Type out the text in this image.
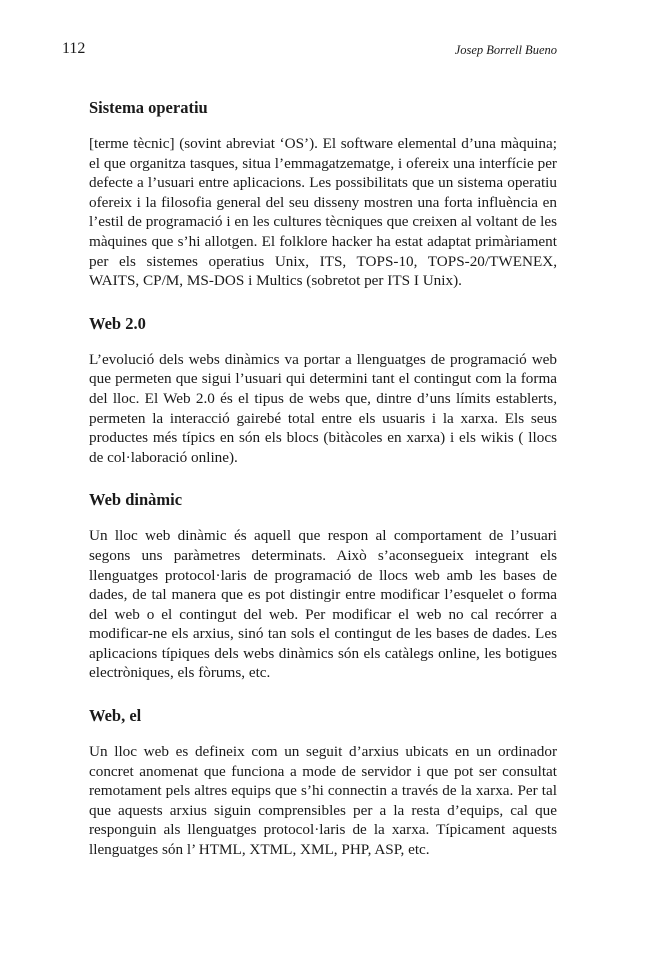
112	Josep Borrell Bueno
Sistema operatiu

[terme tècnic] (sovint abreviat ‘OS’). El software elemental d’una màquina; el que organitza tasques, situa l’emmagatzematge, i ofereix una interfície per defecte a l’usuari entre aplicacions. Les possibilitats que un sistema operatiu ofereix i la filosofia general del seu disseny mostren una forta influència en l’estil de programació i en les cultures tècniques que creixen al voltant de les màquines que s’hi allotgen. El folklore hacker ha estat adaptat primàriament per els sistemes operatius Unix, ITS, TOPS-10, TOPS-20/TWENEX, WAITS, CP/M, MS-DOS i Multics (sobretot per ITS I Unix).

Web 2.0

L’evolució dels webs dinàmics va portar a llenguatges de programació web que permeten que sigui l’usuari qui determini tant el contingut com la forma del lloc. El Web 2.0 és el tipus de webs que, dintre d’uns límits establerts, permeten la interacció gairebé total entre els usuaris i la xarxa. Els seus productes més típics en són els blocs (bitàcoles en xarxa) i els wikis ( llocs de col·laboració online).

Web dinàmic

Un lloc web dinàmic és aquell que respon al comportament de l’usuari segons uns paràmetres determinats. Això s’aconsegueix integrant els llenguatges protocol·laris de programació de llocs web amb les bases de dades, de tal manera que es pot distingir entre modificar l’esquelet o forma del web o el contingut del web. Per modificar el web no cal recórrer a modificar-ne els arxius, sinó tan sols el contingut de les bases de dades. Les aplicacions típiques dels webs dinàmics són els catàlegs online, les botigues electròniques, els fòrums, etc.

Web, el

Un lloc web es defineix com un seguit d’arxius ubicats en un ordinador concret anomenat que funciona a mode de servidor i que pot ser consultat remotament pels altres equips que s’hi connectin a través de la xarxa. Per tal que aquests arxius siguin comprensibles per a la resta d’equips, cal que responguin als llenguatges protocol·laris de la xarxa. Típicament aquests llenguatges són l’ HTML, XTML, XML, PHP, ASP, etc.
